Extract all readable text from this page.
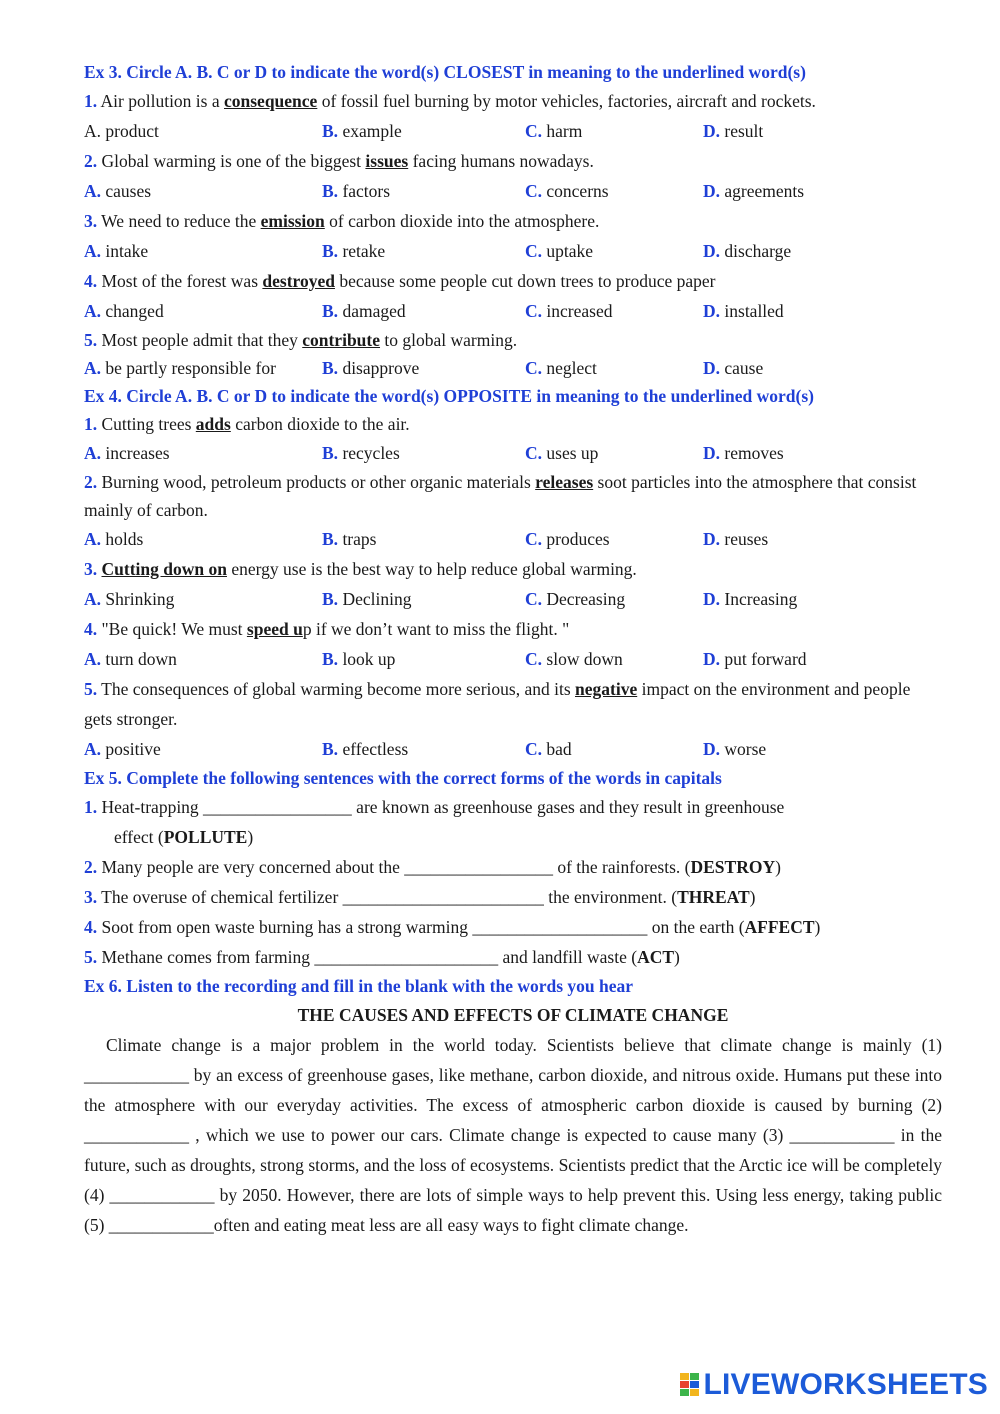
Ex 3. Circle A. B. C or D to indicate the word(s) CLOSEST in meaning to the underlined word(s)
1. Air pollution is a consequence of fossil fuel burning by motor vehicles, factories, aircraft and rockets.
A. product	B. example	C. harm	D. result
2. Global warming is one of the biggest issues facing humans nowadays.
A. causes	B. factors	C. concerns	D. agreements
3. We need to reduce the emission of carbon dioxide into the atmosphere.
A. intake	B. retake	C. uptake	D. discharge
4. Most of the forest was destroyed because some people cut down trees to produce paper
A. changed	B. damaged	C. increased	D. installed
5. Most people admit that they contribute to global warming.
A. be partly responsible for	B. disapprove	C. neglect	D. cause
Ex 4. Circle A. B. C or D to indicate the word(s) OPPOSITE in meaning to the underlined word(s)
1. Cutting trees adds carbon dioxide to the air.
A. increases	B. recycles	C. uses up	D. removes
2. Burning wood, petroleum products or other organic materials releases soot particles into the atmosphere that consist mainly of carbon.
A. holds	B. traps	C. produces	D. reuses
3. Cutting down on energy use is the best way to help reduce global warming.
A. Shrinking	B. Declining	C. Decreasing	D. Increasing
4. "Be quick! We must speed up if we don’t want to miss the flight. "
A. turn down	B. look up	C. slow down	D. put forward
5. The consequences of global warming become more serious, and its negative impact on the environment and people gets stronger.
A. positive	B. effectless	C. bad	D. worse
Ex 5. Complete the following sentences with the correct forms of the words in capitals
1. Heat-trapping _________________ are known as greenhouse gases and they result in greenhouse
effect (POLLUTE)
2. Many people are very concerned about the _________________ of the rainforests. (DESTROY)
3. The overuse of chemical fertilizer _______________________ the environment. (THREAT)
4. Soot from open waste burning has a strong warming ____________________ on the earth (AFFECT)
5. Methane comes from farming _____________________ and landfill waste (ACT)
Ex 6. Listen to the recording and fill in the blank with the words you hear
THE CAUSES AND EFFECTS OF CLIMATE CHANGE
Climate change is a major problem in the world today. Scientists believe that climate change is mainly (1) ____________ by an excess of greenhouse gases, like methane, carbon dioxide, and nitrous oxide. Humans put these into the atmosphere with our everyday activities. The excess of atmospheric carbon dioxide is caused by burning (2) ____________ , which we use to power our cars. Climate change is expected to cause many (3) ____________ in the future, such as droughts, strong storms, and the loss of ecosystems. Scientists predict that the Arctic ice will be completely (4) ____________ by 2050. However, there are lots of simple ways to help prevent this. Using less energy, taking public (5) ____________often and eating meat less are all easy ways to fight climate change.
LIVEWORKSHEETS
